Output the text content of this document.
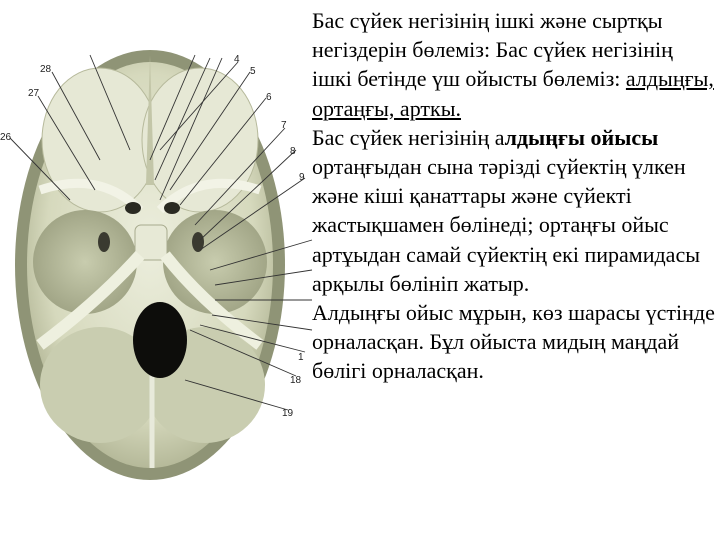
28
27
26
4
5
6
7
8
9
1
18
19

Бас сүйек негізінің ішкі және сыртқы негіздерін бөлеміз: Бас сүйек негізінің ішкі бетінде үш ойысты бөлеміз: алдыңғы, ортаңғы, арткы.

Бас сүйек негізінің алдыңғы ойысы ортаңғыдан сына тәрізді сүйектің үлкен және кіші қанаттары және сүйекті жастықшамен бөлінеді; ортаңғы ойыс артұыдан самай сүйектің екі пирамидасы арқылы бөлініп жатыр.

Алдыңғы ойыс мұрын, көз шарасы үстінде орналасқан. Бұл ойыста мидың маңдай бөлігі орналасқан.
